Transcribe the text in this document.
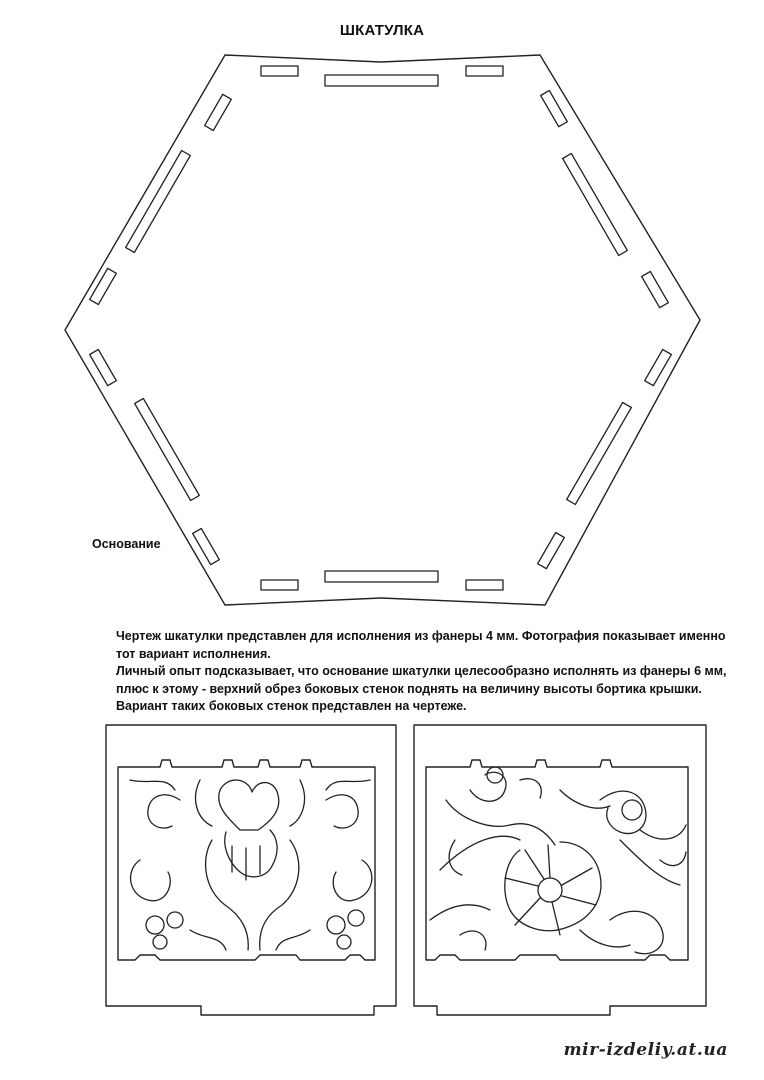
ШКАТУЛКА
Основание
Чертеж шкатулки представлен для исполнения из фанеры 4 мм. Фотография показывает именно
тот вариант исполнения.
Личный опыт подсказывает, что основание шкатулки целесообразно исполнять из фанеры 6 мм,
плюс к этому - верхний обрез боковых стенок поднять на величину высоты бортика крышки.
Вариант таких боковых стенок представлен на чертеже.
mir-izdeliy.at.ua
